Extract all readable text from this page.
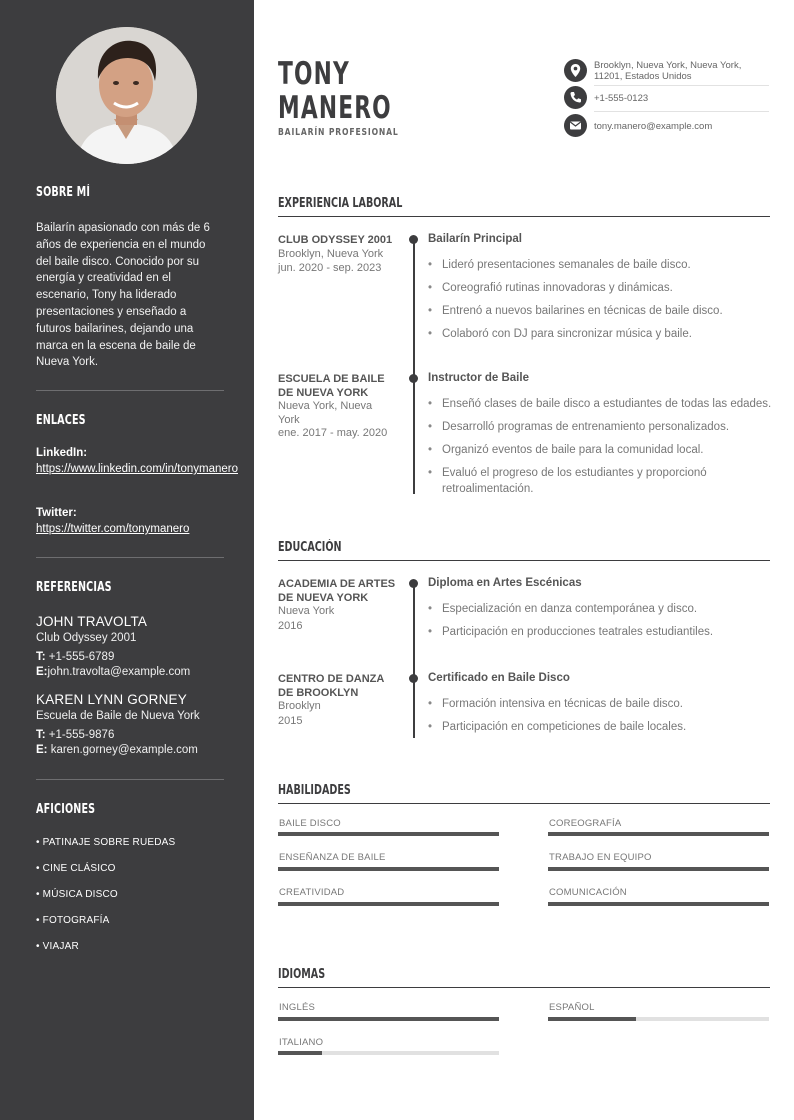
SOBRE MÍ
Bailarín apasionado con más de 6 años de experiencia en el mundo del baile disco. Conocido por su energía y creatividad en el escenario, Tony ha liderado presentaciones y enseñado a futuros bailarines, dejando una marca en la escena de baile de Nueva York.
ENLACES
LinkedIn:
https://www.linkedin.com/in/tonymanero
Twitter:
https://twitter.com/tonymanero
REFERENCIAS
JOHN TRAVOLTA
Club Odyssey 2001
T: +1-555-6789
E:john.travolta@example.com
KAREN LYNN GORNEY
Escuela de Baile de Nueva York
T: +1-555-9876
E: karen.gorney@example.com
AFICIONES
• PATINAJE SOBRE RUEDAS
• CINE CLÁSICO
• MÚSICA DISCO
• FOTOGRAFÍA
• VIAJAR
TONY
MANERO
BAILARÍN PROFESIONAL
Brooklyn, Nueva York, Nueva York,
11201, Estados Unidos
+1-555-0123
tony.manero@example.com
EXPERIENCIA LABORAL
CLUB ODYSSEY 2001
Brooklyn, Nueva York
jun. 2020 - sep. 2023
Bailarín Principal
• Lideró presentaciones semanales de baile disco.
• Coreografió rutinas innovadoras y dinámicas.
• Entrenó a nuevos bailarines en técnicas de baile disco.
• Colaboró con DJ para sincronizar música y baile.
ESCUELA DE BAILE DE NUEVA YORK
Nueva York, Nueva York
ene. 2017 - may. 2020
Instructor de Baile
• Enseñó clases de baile disco a estudiantes de todas las edades.
• Desarrolló programas de entrenamiento personalizados.
• Organizó eventos de baile para la comunidad local.
• Evaluó el progreso de los estudiantes y proporcionó retroalimentación.
EDUCACIÓN
ACADEMIA DE ARTES DE NUEVA YORK
Nueva York
2016
Diploma en Artes Escénicas
• Especialización en danza contemporánea y disco.
• Participación en producciones teatrales estudiantiles.
CENTRO DE DANZA DE BROOKLYN
Brooklyn
2015
Certificado en Baile Disco
• Formación intensiva en técnicas de baile disco.
• Participación en competiciones de baile locales.
HABILIDADES
BAILE DISCO	COREOGRAFÍA
ENSEÑANZA DE BAILE	TRABAJO EN EQUIPO
CREATIVIDAD	COMUNICACIÓN
IDIOMAS
INGLÉS	ESPAÑOL
ITALIANO
